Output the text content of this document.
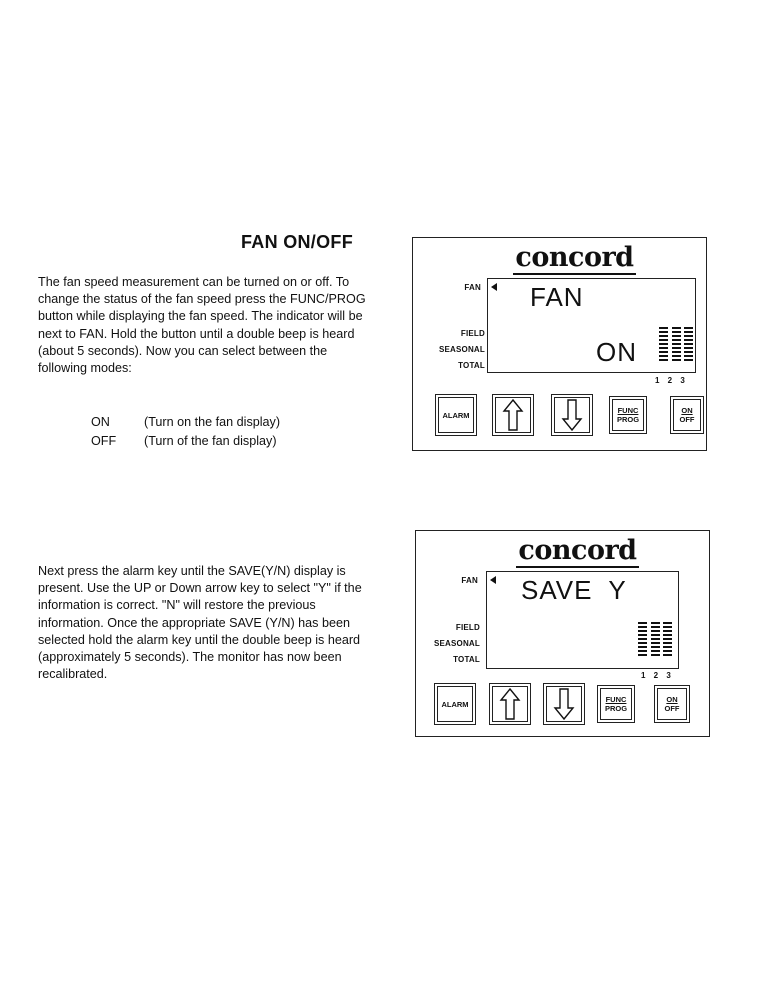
FAN ON/OFF

The fan speed measurement can be turned on or off. To change the status of the fan speed press the FUNC/PROG button while displaying the fan speed. The indicator will be next to FAN. Hold the button until a double beep is heard (about 5 seconds). Now you can select between the following modes:

ON	(Turn on the fan display)
OFF (Turn of the fan display)

Next press the alarm key until the SAVE(Y/N) display is present. Use the UP or Down arrow key to select "Y" if the information is correct. "N" will restore the previous information. Once the appropriate SAVE (Y/N) has been selected hold the alarm key until the double beep is heard (approximately 5 seconds). The monitor has now been recalibrated.

concord
FAN
FIELD
SEASONAL
TOTAL
FAN
ON
1 2 3
ALARM	FUNC
PROG
ON
OFF
concord
FAN
FIELD
SEASONAL
TOTAL
SAVE  Y
1 2 3
ALARM	FUNC
PROG
ON
OFF
